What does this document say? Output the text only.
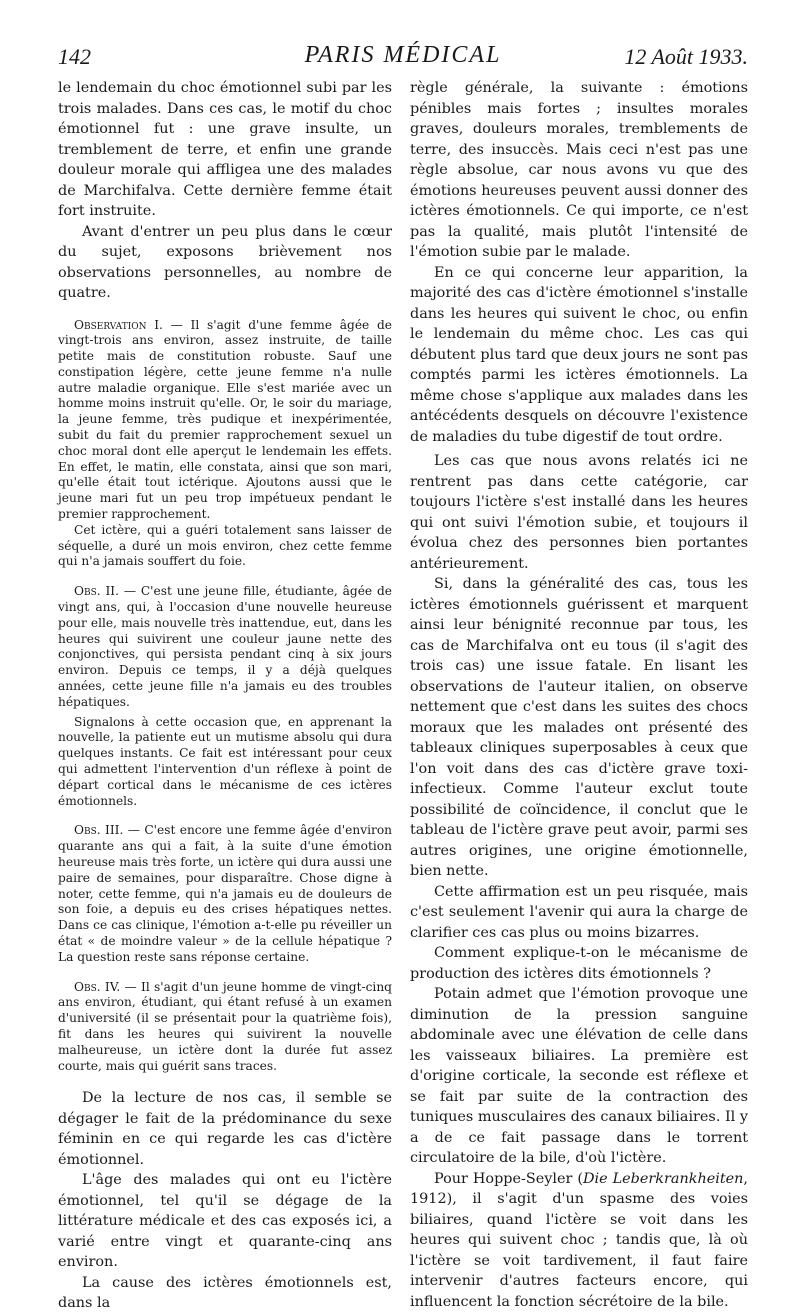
142	PARIS MÉDICAL	12 Août 1933.

le lendemain du choc émotionnel subi par les trois malades. Dans ces cas, le motif du choc émotionnel fut : une grave insulte, un tremblement de terre, et enfin une grande douleur morale qui affligea une des malades de Marchifalva. Cette dernière femme était fort instruite.

Avant d'entrer un peu plus dans le cœur du sujet, exposons brièvement nos observations personnelles, au nombre de quatre.

Observation I. — Il s'agit d'une femme âgée de vingt-trois ans environ, assez instruite, de taille petite mais de constitution robuste. Sauf une constipation légère, cette jeune femme n'a nulle autre maladie organique. Elle s'est mariée avec un homme moins instruit qu'elle. Or, le soir du mariage, la jeune femme, très pudique et inexpérimentée, subit du fait du premier rapprochement sexuel un choc moral dont elle aperçut le lendemain les effets. En effet, le matin, elle constata, ainsi que son mari, qu'elle était tout ictérique. Ajoutons aussi que le jeune mari fut un peu trop impétueux pendant le premier rapprochement.

Cet ictère, qui a guéri totalement sans laisser de séquelle, a duré un mois environ, chez cette femme qui n'a jamais souffert du foie.

Obs. II. — C'est une jeune fille, étudiante, âgée de vingt ans, qui, à l'occasion d'une nouvelle heureuse pour elle, mais nouvelle très inattendue, eut, dans les heures qui suivirent une couleur jaune nette des conjonctives, qui persista pendant cinq à six jours environ. Depuis ce temps, il y a déjà quelques années, cette jeune fille n'a jamais eu des troubles hépatiques.

Signalons à cette occasion que, en apprenant la nouvelle, la patiente eut un mutisme absolu qui dura quelques instants. Ce fait est intéressant pour ceux qui admettent l'intervention d'un réflexe à point de départ cortical dans le mécanisme de ces ictères émotionnels.

Obs. III. — C'est encore une femme âgée d'environ quarante ans qui a fait, à la suite d'une émotion heureuse mais très forte, un ictère qui dura aussi une paire de semaines, pour disparaître. Chose digne à noter, cette femme, qui n'a jamais eu de douleurs de son foie, a depuis eu des crises hépatiques nettes. Dans ce cas clinique, l'émotion a-t-elle pu réveiller un état « de moindre valeur » de la cellule hépatique ? La question reste sans réponse certaine.

Obs. IV. — Il s'agit d'un jeune homme de vingt-cinq ans environ, étudiant, qui étant refusé à un examen d'université (il se présentait pour la quatrième fois), fit dans les heures qui suivirent la nouvelle malheureuse, un ictère dont la durée fut assez courte, mais qui guérit sans traces.

De la lecture de nos cas, il semble se dégager le fait de la prédominance du sexe féminin en ce qui regarde les cas d'ictère émotionnel.

L'âge des malades qui ont eu l'ictère émotionnel, tel qu'il se dégage de la littérature médicale et des cas exposés ici, a varié entre vingt et quarante-cinq ans environ.

La cause des ictères émotionnels est, dans la

règle générale, la suivante : émotions pénibles mais fortes ; insultes morales graves, douleurs morales, tremblements de terre, des insuccès. Mais ceci n'est pas une règle absolue, car nous avons vu que des émotions heureuses peuvent aussi donner des ictères émotionnels. Ce qui importe, ce n'est pas la qualité, mais plutôt l'intensité de l'émotion subie par le malade.

En ce qui concerne leur apparition, la majorité des cas d'ictère émotionnel s'installe dans les heures qui suivent le choc, ou enfin le lendemain du même choc. Les cas qui débutent plus tard que deux jours ne sont pas comptés parmi les ictères émotionnels. La même chose s'applique aux malades dans les antécédents desquels on découvre l'existence de maladies du tube digestif de tout ordre.

Les cas que nous avons relatés ici ne rentrent pas dans cette catégorie, car toujours l'ictère s'est installé dans les heures qui ont suivi l'émotion subie, et toujours il évolua chez des personnes bien portantes antérieurement.

Si, dans la généralité des cas, tous les ictères émotionnels guérissent et marquent ainsi leur bénignité reconnue par tous, les cas de Marchifalva ont eu tous (il s'agit des trois cas) une issue fatale. En lisant les observations de l'auteur italien, on observe nettement que c'est dans les suites des chocs moraux que les malades ont présenté des tableaux cliniques superposables à ceux que l'on voit dans des cas d'ictère grave toxi-infectieux. Comme l'auteur exclut toute possibilité de coïncidence, il conclut que le tableau de l'ictère grave peut avoir, parmi ses autres origines, une origine émotionnelle, bien nette.

Cette affirmation est un peu risquée, mais c'est seulement l'avenir qui aura la charge de clarifier ces cas plus ou moins bizarres.

Comment explique-t-on le mécanisme de production des ictères dits émotionnels ?

Potain admet que l'émotion provoque une diminution de la pression sanguine abdominale avec une élévation de celle dans les vaisseaux biliaires. La première est d'origine corticale, la seconde est réflexe et se fait par suite de la contraction des tuniques musculaires des canaux biliaires. Il y a de ce fait passage dans le torrent circulatoire de la bile, d'où l'ictère.

Pour Hoppe-Seyler (Die Leberkrankheiten, 1912), il s'agit d'un spasme des voies biliaires, quand l'ictère se voit dans les heures qui suivent choc ; tandis que, là où l'ictère se voit tardivement, il faut faire intervenir d'autres facteurs encore, qui influencent la fonction sécrétoire de la bile.
